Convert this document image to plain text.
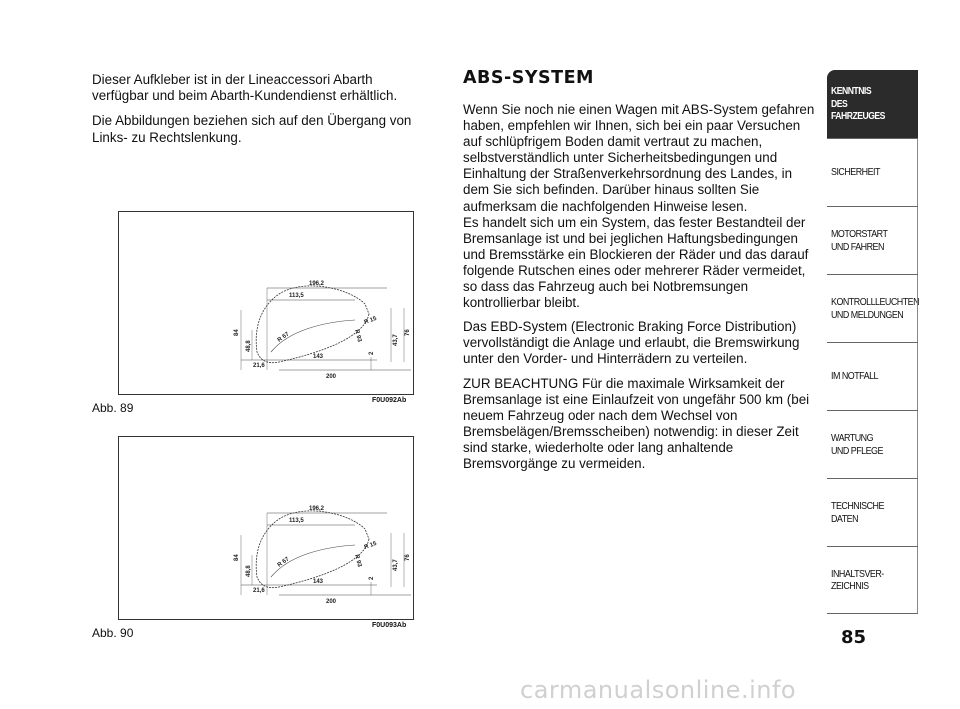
Dieser Aufkleber ist in der Lineaccessori Abarth verfügbar und beim Abarth-Kundendienst erhältlich.

Die Abbildungen beziehen sich auf den Übergang von Links- zu Rechtslenkung.

196,2
113,5
R 15
R 67	R 93
84
48,8
21,6
143
200
2
43,7
76
Abb. 89
F0U092Ab
196,2
113,5
R 15
R 67	R 93
84
48,8
21,6
143
200
2
43,7
76
Abb. 90
F0U093Ab
ABS-SYSTEM

Wenn Sie noch nie einen Wagen mit ABS-System gefahren haben, empfehlen wir Ihnen, sich bei ein paar Versuchen auf schlüpfrigem Boden damit vertraut zu machen, selbstverständlich unter Sicherheitsbedingungen und Einhaltung der Straßenverkehrsordnung des Landes, in dem Sie sich befinden. Darüber hinaus sollten Sie aufmerksam die nachfolgenden Hinweise lesen.
Es handelt sich um ein System, das fester Bestandteil der Bremsanlage ist und bei jeglichen Haftungsbedingungen und Bremsstärke ein Blockieren der Räder und das darauf folgende Rutschen eines oder mehrerer Räder vermeidet, so dass das Fahrzeug auch bei Notbremsungen kontrollierbar bleibt.

Das EBD-System (Electronic Braking Force Distribution) vervollständigt die Anlage und erlaubt, die Bremswirkung unter den Vorder- und Hinterrädern zu verteilen.

ZUR BEACHTUNG Für die maximale Wirksamkeit der Bremsanlage ist eine Einlaufzeit von ungefähr 500 km (bei neuem Fahrzeug oder nach dem Wechsel von Bremsbelägen/Bremsscheiben) notwendig: in dieser Zeit sind starke, wiederholte oder lang anhaltende Bremsvorgänge zu vermeiden.

KENNTNIS
DES FAHRZEUGES
SICHERHEIT
MOTORSTART
UND FAHREN
KONTROLLLEUCHTEN
UND MELDUNGEN
IM NOTFALL
WARTUNG
UND PFLEGE
TECHNISCHE
DATEN
INHALTSVER-
ZEICHNIS
85
carmanualsonline.info
